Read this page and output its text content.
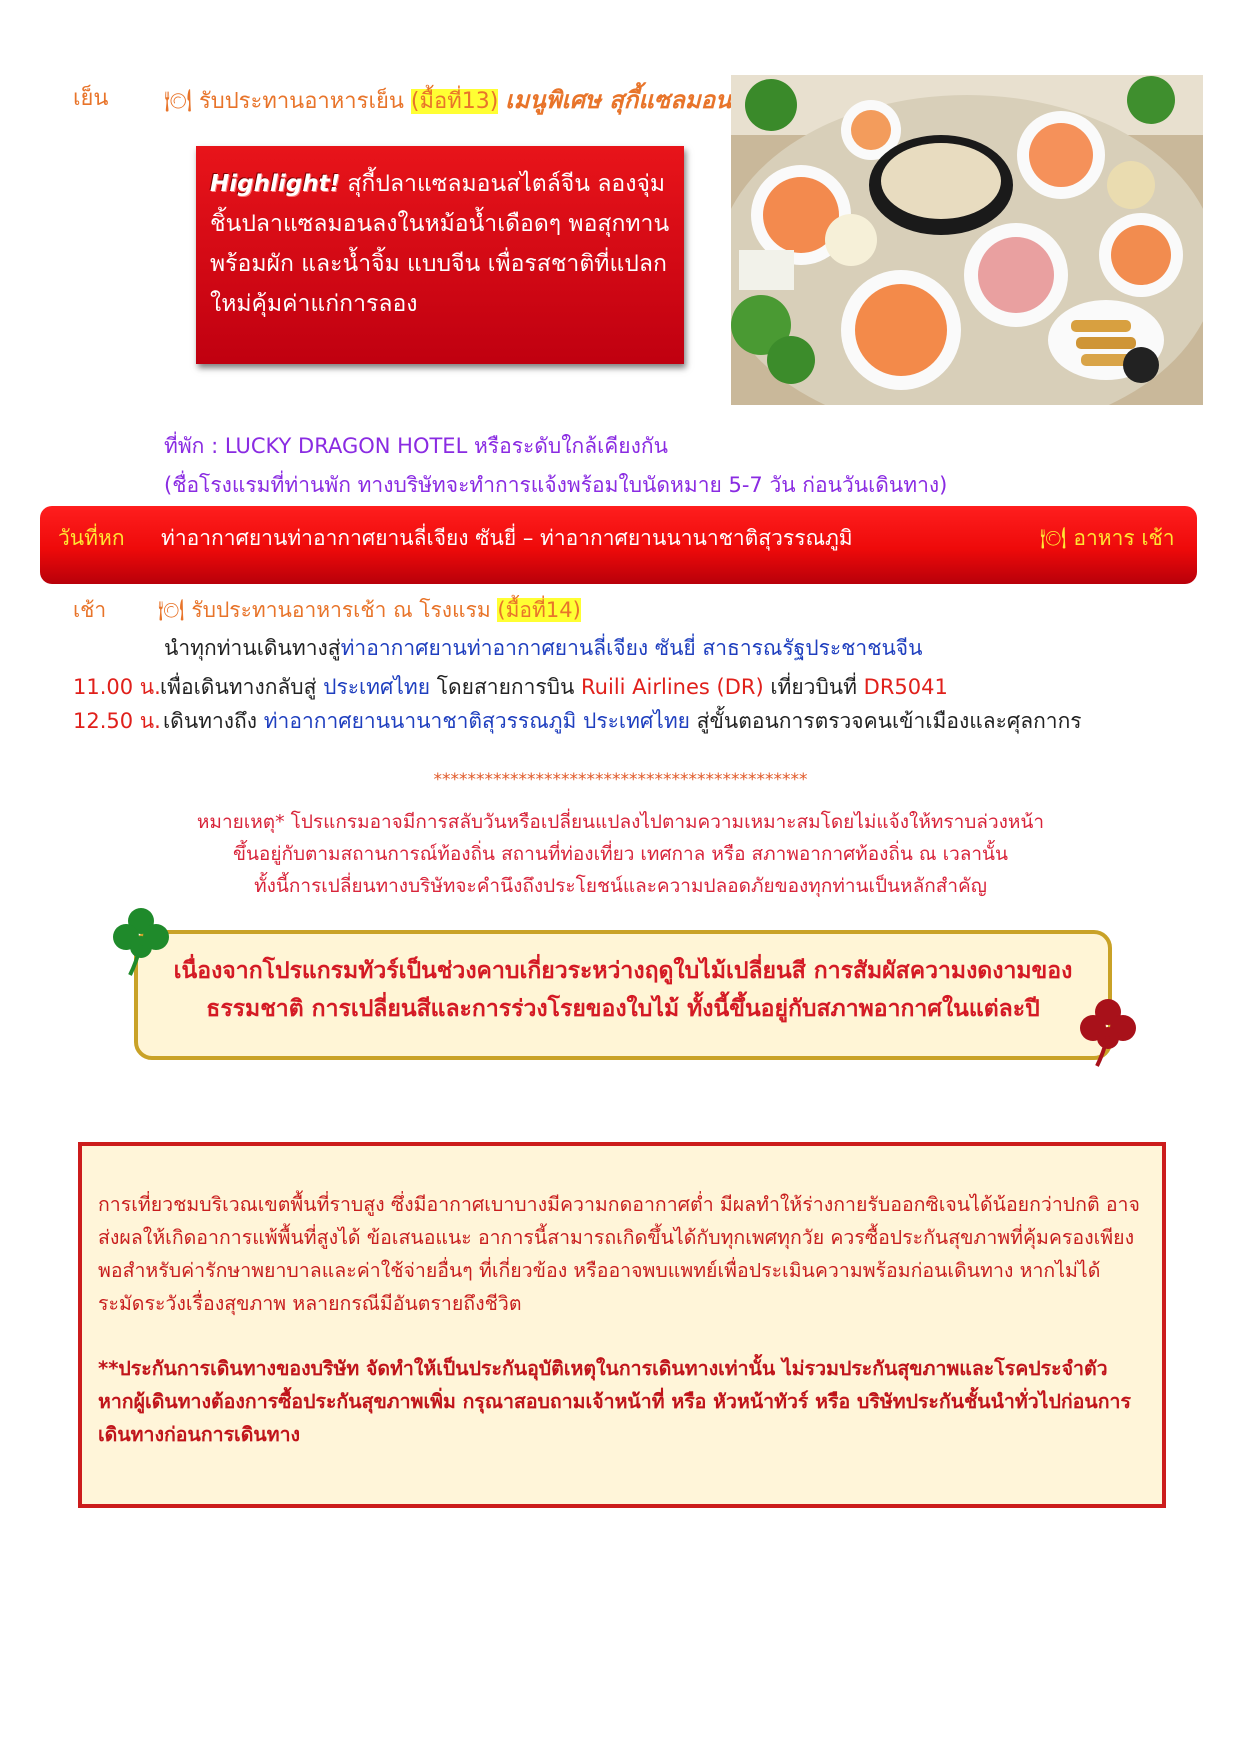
เย็น	🍽 รับประทานอาหารเย็น (มื้อที่13) เมนูพิเศษ สุกี้แซลมอน
Highlight! สุกี้ปลาแซลมอนสไตล์จีน ลองจุ่มชิ้นปลาแซลมอนลงในหม้อน้ำเดือดๆ พอสุกทานพร้อมผัก และน้ำจิ้ม แบบจีน เพื่อรสชาติที่แปลกใหม่คุ้มค่าแก่การลอง
ที่พัก : LUCKY DRAGON HOTEL หรือระดับใกล้เคียงกัน
(ชื่อโรงแรมที่ท่านพัก ทางบริษัทจะทำการแจ้งพร้อมใบนัดหมาย 5-7 วัน ก่อนวันเดินทาง)
วันที่หก ท่าอากาศยานท่าอากาศยานลี่เจียง ซันยี่ – ท่าอากาศยานนานาชาติสุวรรณภูมิ	🍽 อาหาร เช้า
เช้า 🍽 รับประทานอาหารเช้า ณ โรงแรม (มื้อที่14)
นำทุกท่านเดินทางสู่ท่าอากาศยานท่าอากาศยานลี่เจียง ซันยี่ สาธารณรัฐประชาชนจีน
11.00 น. เพื่อเดินทางกลับสู่ ประเทศไทย โดยสายการบิน Ruili Airlines (DR) เที่ยวบินที่ DR5041
12.50 น. เดินทางถึง ท่าอากาศยานนานาชาติสุวรรณภูมิ ประเทศไทย สู่ขั้นตอนการตรวจคนเข้าเมืองและศุลกากร
********************************************
หมายเหตุ* โปรแกรมอาจมีการสลับวันหรือเปลี่ยนแปลงไปตามความเหมาะสมโดยไม่แจ้งให้ทราบล่วงหน้า
ขึ้นอยู่กับตามสถานการณ์ท้องถิ่น สถานที่ท่องเที่ยว เทศกาล หรือ สภาพอากาศท้องถิ่น ณ เวลานั้น
ทั้งนี้การเปลี่ยนทางบริษัทจะคำนึงถึงประโยชน์และความปลอดภัยของทุกท่านเป็นหลักสำคัญ
เนื่องจากโปรแกรมทัวร์เป็นช่วงคาบเกี่ยวระหว่างฤดูใบไม้เปลี่ยนสี การสัมผัสความงดงามของ
ธรรมชาติ การเปลี่ยนสีและการร่วงโรยของใบไม้ ทั้งนี้ขึ้นอยู่กับสภาพอากาศในแต่ละปี
การเที่ยวชมบริเวณเขตพื้นที่ราบสูง ซึ่งมีอากาศเบาบางมีความกดอากาศต่ำ มีผลทำให้ร่างกายรับออกซิเจนได้น้อยกว่าปกติ อาจส่งผลให้เกิดอาการแพ้พื้นที่สูงได้ ข้อเสนอแนะ อาการนี้สามารถเกิดขึ้นได้กับทุกเพศทุกวัย ควรซื้อประกันสุขภาพที่คุ้มครองเพียงพอสำหรับค่ารักษาพยาบาลและค่าใช้จ่ายอื่นๆ ที่เกี่ยวข้อง หรืออาจพบแพทย์เพื่อประเมินความพร้อมก่อนเดินทาง หากไม่ได้ระมัดระวังเรื่องสุขภาพ หลายกรณีมีอันตรายถึงชีวิต
**ประกันการเดินทางของบริษัท จัดทำให้เป็นประกันอุบัติเหตุในการเดินทางเท่านั้น ไม่รวมประกันสุขภาพและโรคประจำตัว หากผู้เดินทางต้องการซื้อประกันสุขภาพเพิ่ม กรุณาสอบถามเจ้าหน้าที่ หรือ หัวหน้าทัวร์ หรือ บริษัทประกันชั้นนำทั่วไปก่อนการเดินทางก่อนการเดินทาง
